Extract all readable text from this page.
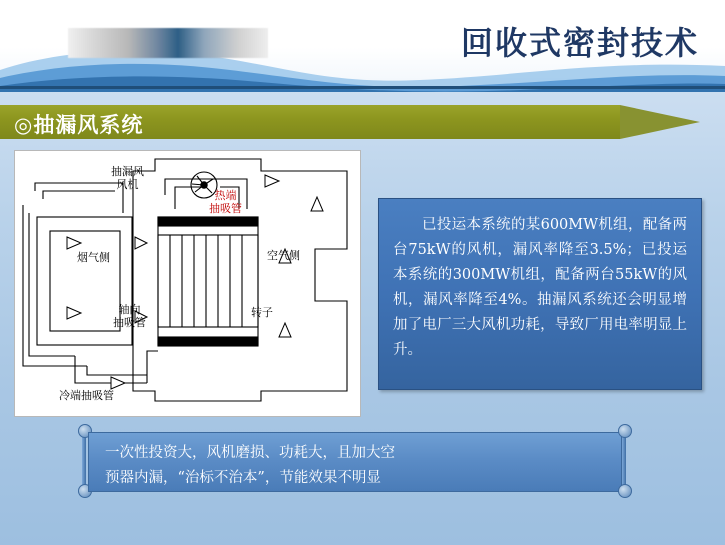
回收式密封技术
◎抽漏风系统
抽漏风
风机
热端
抽吸管
烟气侧	空气侧
轴向
抽吸管
转子
冷端抽吸管

已投运本系统的某600MW机组，配备两台75kW的风机，漏风率降至3.5%；已投运本系统的300MW机组，配备两台55kW的风机，漏风率降至4%。抽漏风系统还会明显增加了电厂三大风机功耗，导致厂用电率明显上升。

一次性投资大，风机磨损、功耗大，且加大空

预器内漏，“治标不治本”，节能效果不明显
